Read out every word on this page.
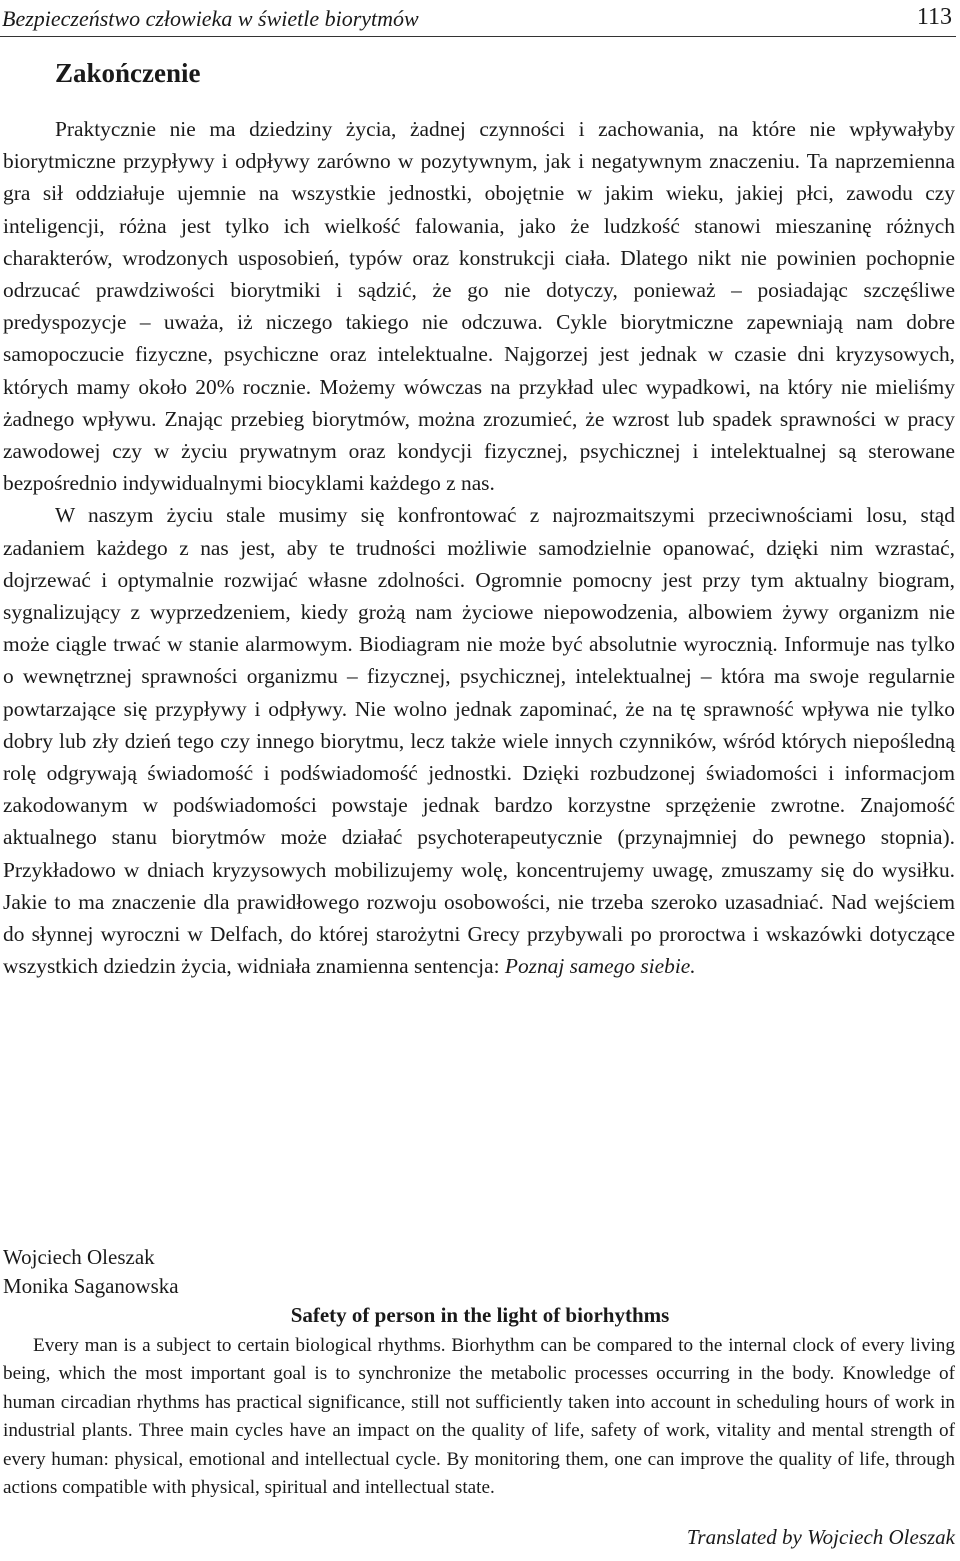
Bezpieczeństwo człowieka w świetle biorytmów	113
Zakończenie

Praktycznie nie ma dziedziny życia, żadnej czynności i zachowania, na które nie wpływałyby biorytmiczne przypływy i odpływy zarówno w pozytywnym, jak i negatywnym znaczeniu. Ta naprzemienna gra sił oddziałuje ujemnie na wszystkie jednostki, obojętnie w jakim wieku, jakiej płci, zawodu czy inteligencji, różna jest tylko ich wielkość falowania, jako że ludzkość stanowi mieszaninę różnych charakterów, wrodzonych usposobień, typów oraz konstrukcji ciała. Dlatego nikt nie powinien pochopnie odrzucać prawdziwości biorytmiki i sądzić, że go nie dotyczy, ponieważ – posiadając szczęśliwe predyspozycje – uważa, iż niczego takiego nie odczuwa. Cykle biorytmiczne zapewniają nam dobre samopoczucie fizyczne, psychiczne oraz intelektualne. Najgorzej jest jednak w czasie dni kryzysowych, których mamy około 20% rocznie. Możemy wówczas na przykład ulec wypadkowi, na który nie mieliśmy żadnego wpływu. Znając przebieg biorytmów, można zrozumieć, że wzrost lub spadek sprawności w pracy zawodowej czy w życiu prywatnym oraz kondycji fizycznej, psychicznej i intelektualnej są sterowane bezpośrednio indywidualnymi biocyklami każdego z nas.

W naszym życiu stale musimy się konfrontować z najrozmaitszymi przeciwnościami losu, stąd zadaniem każdego z nas jest, aby te trudności możliwie samodzielnie opanować, dzięki nim wzrastać, dojrzewać i optymalnie rozwijać własne zdolności. Ogromnie pomocny jest przy tym aktualny biogram, sygnalizujący z wyprzedzeniem, kiedy grożą nam życiowe niepowodzenia, albowiem żywy organizm nie może ciągle trwać w stanie alarmowym. Biodiagram nie może być absolutnie wyrocznią. Informuje nas tylko o wewnętrznej sprawności organizmu – fizycznej, psychicznej, intelektualnej – która ma swoje regularnie powtarzające się przypływy i odpływy. Nie wolno jednak zapominać, że na tę sprawność wpływa nie tylko dobry lub zły dzień tego czy innego biorytmu, lecz także wiele innych czynników, wśród których niepośledną rolę odgrywają świadomość i podświadomość jednostki. Dzięki rozbudzonej świadomości i informacjom zakodowanym w podświadomości powstaje jednak bardzo korzystne sprzężenie zwrotne. Znajomość aktualnego stanu biorytmów może działać psychoterapeutycznie (przynajmniej do pewnego stopnia). Przykładowo w dniach kryzysowych mobilizujemy wolę, koncentrujemy uwagę, zmuszamy się do wysiłku. Jakie to ma znaczenie dla prawidłowego rozwoju osobowości, nie trzeba szeroko uzasadniać. Nad wejściem do słynnej wyroczni w Delfach, do której starożytni Grecy przybywali po proroctwa i wskazówki dotyczące wszystkich dziedzin życia, widniała znamienna sentencja: Poznaj samego siebie.

Wojciech Oleszak
Monika Saganowska
Safety of person in the light of biorhythms

Every man is a subject to certain biological rhythms. Biorhythm can be compared to the internal clock of every living being, which the most important goal is to synchronize the metabolic processes occurring in the body. Knowledge of human circadian rhythms has practical significance, still not sufficiently taken into account in scheduling hours of work in industrial plants. Three main cycles have an impact on the quality of life, safety of work, vitality and mental strength of every human: physical, emotional and intellectual cycle. By monitoring them, one can improve the quality of life, through actions compatible with physical, spiritual and intellectual state.

Translated by Wojciech Oleszak
